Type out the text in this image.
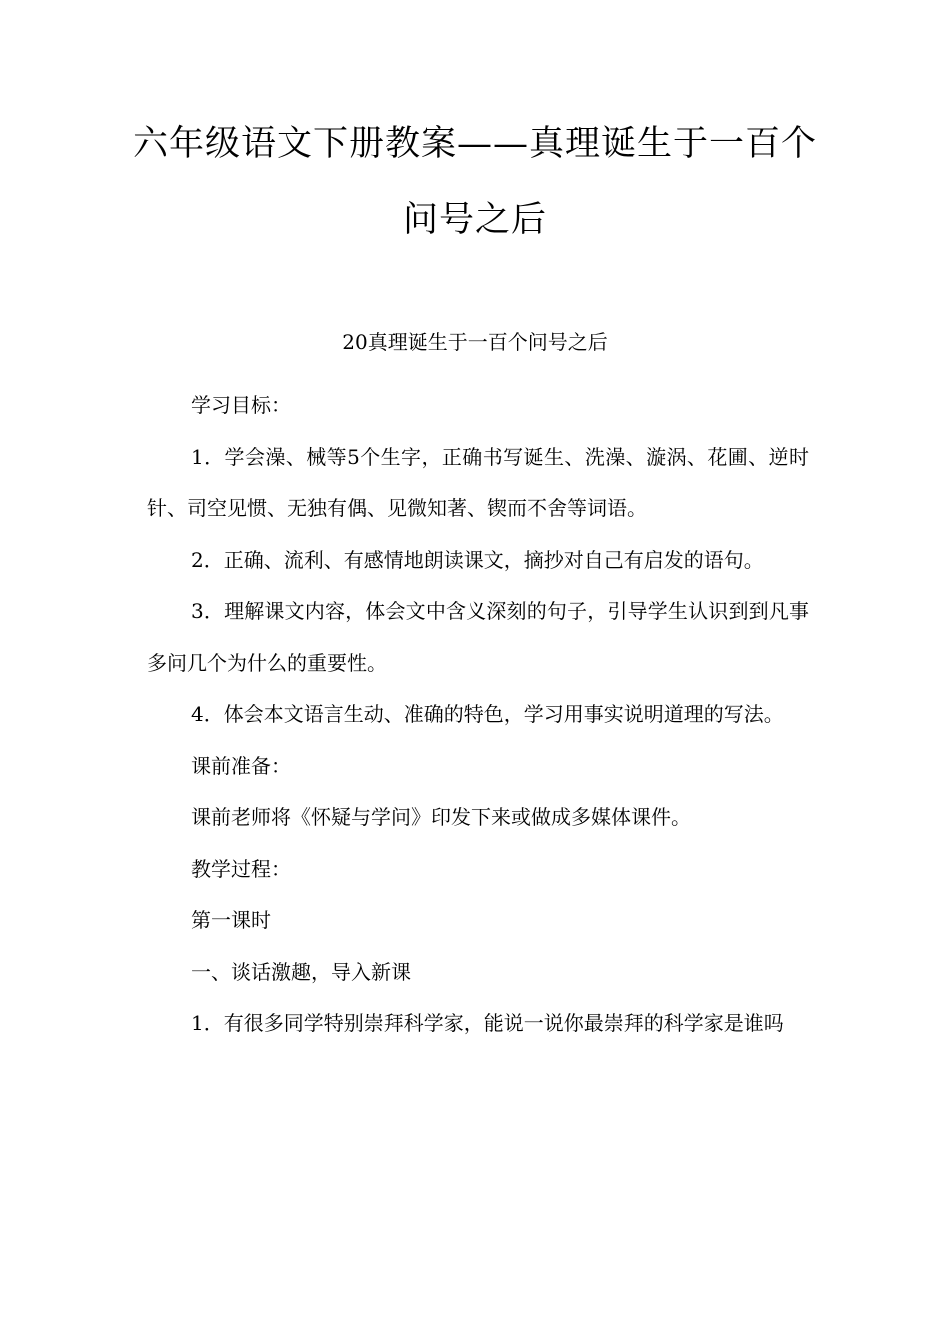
六年级语文下册教案——真理诞生于一百个
问号之后
20真理诞生于一百个问号之后

学习目标：

1．学会澡、械等5个生字，正确书写诞生、洗澡、漩涡、花圃、逆时针、司空见惯、无独有偶、见微知著、锲而不舍等词语。

2．正确、流利、有感情地朗读课文，摘抄对自己有启发的语句。

3．理解课文内容，体会文中含义深刻的句子，引导学生认识到到凡事多问几个为什么的重要性。

4．体会本文语言生动、准确的特色，学习用事实说明道理的写法。

课前准备：

课前老师将《怀疑与学问》印发下来或做成多媒体课件。

教学过程：

第一课时

一、谈话激趣，导入新课

1．有很多同学特别崇拜科学家，能说一说你最崇拜的科学家是谁吗
